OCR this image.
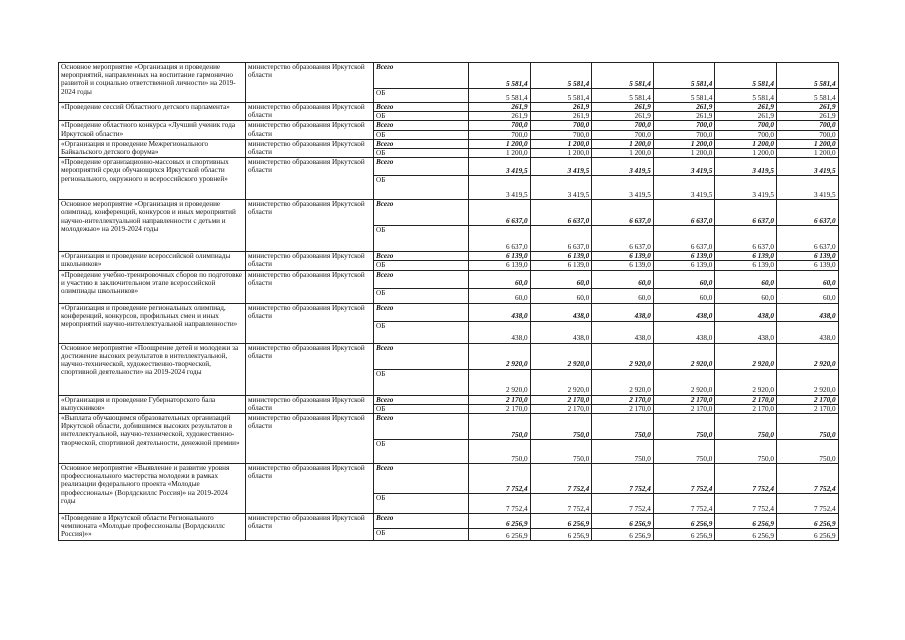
Основное мероприятие «Организация и проведение мероприятий, направленных на воспитание гармонично развитой и социально ответственной личности» на 2019-2024 годы	министерство образования Иркутской области	Всего	5 581,4	5 581,4	5 581,4	5 581,4	5 581,4	5 581,4
		ОБ	5 581,4	5 581,4	5 581,4	5 581,4	5 581,4	5 581,4
«Проведение сессий Областного детского парламента»	министерство образования Иркутской области	Всего	261,9	261,9	261,9	261,9	261,9	261,9
		ОБ	261,9	261,9	261,9	261,9	261,9	261,9
«Проведение областного конкурса «Лучший ученик года Иркутской области»	министерство образования Иркутской области	Всего	700,0	700,0	700,0	700,0	700,0	700,0
		ОБ	700,0	700,0	700,0	700,0	700,0	700,0
«Организация и проведение Межрегионального Байкальского детского форума»	министерство образования Иркутской области	Всего	1 200,0	1 200,0	1 200,0	1 200,0	1 200,0	1 200,0
		ОБ	1 200,0	1 200,0	1 200,0	1 200,0	1 200,0	1 200,0
«Проведение организационно-массовых и спортивных мероприятий среди обучающихся Иркутской области регионального, окружного и всероссийского уровней»	министерство образования Иркутской области	Всего	3 419,5	3 419,5	3 419,5	3 419,5	3 419,5	3 419,5
		ОБ	3 419,5	3 419,5	3 419,5	3 419,5	3 419,5	3 419,5
Основное мероприятие «Организация и проведение олимпиад, конференций, конкурсов и иных мероприятий научно-интеллектуальной направленности с детьми и молодежью» на 2019-2024 годы	министерство образования Иркутской области	Всего	6 637,0	6 637,0	6 637,0	6 637,0	6 637,0	6 637,0
		ОБ	6 637,0	6 637,0	6 637,0	6 637,0	6 637,0	6 637,0
«Организация и проведение всероссийской олимпиады школьников»	министерство образования Иркутской области	Всего	6 139,0	6 139,0	6 139,0	6 139,0	6 139,0	6 139,0
		ОБ	6 139,0	6 139,0	6 139,0	6 139,0	6 139,0	6 139,0
«Проведение учебно-тренировочных сборов по подготовке и участию в заключительном этапе всероссийской олимпиады школьников»	министерство образования Иркутской области	Всего	60,0	60,0	60,0	60,0	60,0	60,0
		ОБ	60,0	60,0	60,0	60,0	60,0	60,0
«Организация и проведение региональных олимпиад, конференций, конкурсов, профильных смен и иных мероприятий научно-интеллектуальной направленности»	министерство образования Иркутской области	Всего	438,0	438,0	438,0	438,0	438,0	438,0
		ОБ	438,0	438,0	438,0	438,0	438,0	438,0
Основное мероприятие «Поощрение детей и молодежи за достижение высоких результатов в интеллектуальной, научно-технической, художественно-творческой, спортивной деятельности» на 2019-2024 годы	министерство образования Иркутской области	Всего	2 920,0	2 920,0	2 920,0	2 920,0	2 920,0	2 920,0
		ОБ	2 920,0	2 920,0	2 920,0	2 920,0	2 920,0	2 920,0
«Организация и проведение Губернаторского бала выпускников»	министерство образования Иркутской области	Всего	2 170,0	2 170,0	2 170,0	2 170,0	2 170,0	2 170,0
		ОБ	2 170,0	2 170,0	2 170,0	2 170,0	2 170,0	2 170,0
«Выплата обучающимся образовательных организаций Иркутской области, добившимся высоких результатов в интеллектуальной, научно-технической, художественно-творческой, спортивной деятельности, денежной премии»	министерство образования Иркутской области	Всего	750,0	750,0	750,0	750,0	750,0	750,0
		ОБ	750,0	750,0	750,0	750,0	750,0	750,0
Основное мероприятие «Выявление и развитие уровня профессионального мастерства молодежи в рамках реализации федерального проекта «Молодые профессионалы» (Ворлдскиллс Россия)» на 2019-2024 годы	министерство образования Иркутской области	Всего	7 752,4	7 752,4	7 752,4	7 752,4	7 752,4	7 752,4
		ОБ	7 752,4	7 752,4	7 752,4	7 752,4	7 752,4	7 752,4
«Проведение в Иркутской области Регионального чемпионата «Молодые профессионалы (Ворлдскиллс Россия)»»	министерство образования Иркутской области	Всего	6 256,9	6 256,9	6 256,9	6 256,9	6 256,9	6 256,9
		ОБ	6 256,9	6 256,9	6 256,9	6 256,9	6 256,9	6 256,9
